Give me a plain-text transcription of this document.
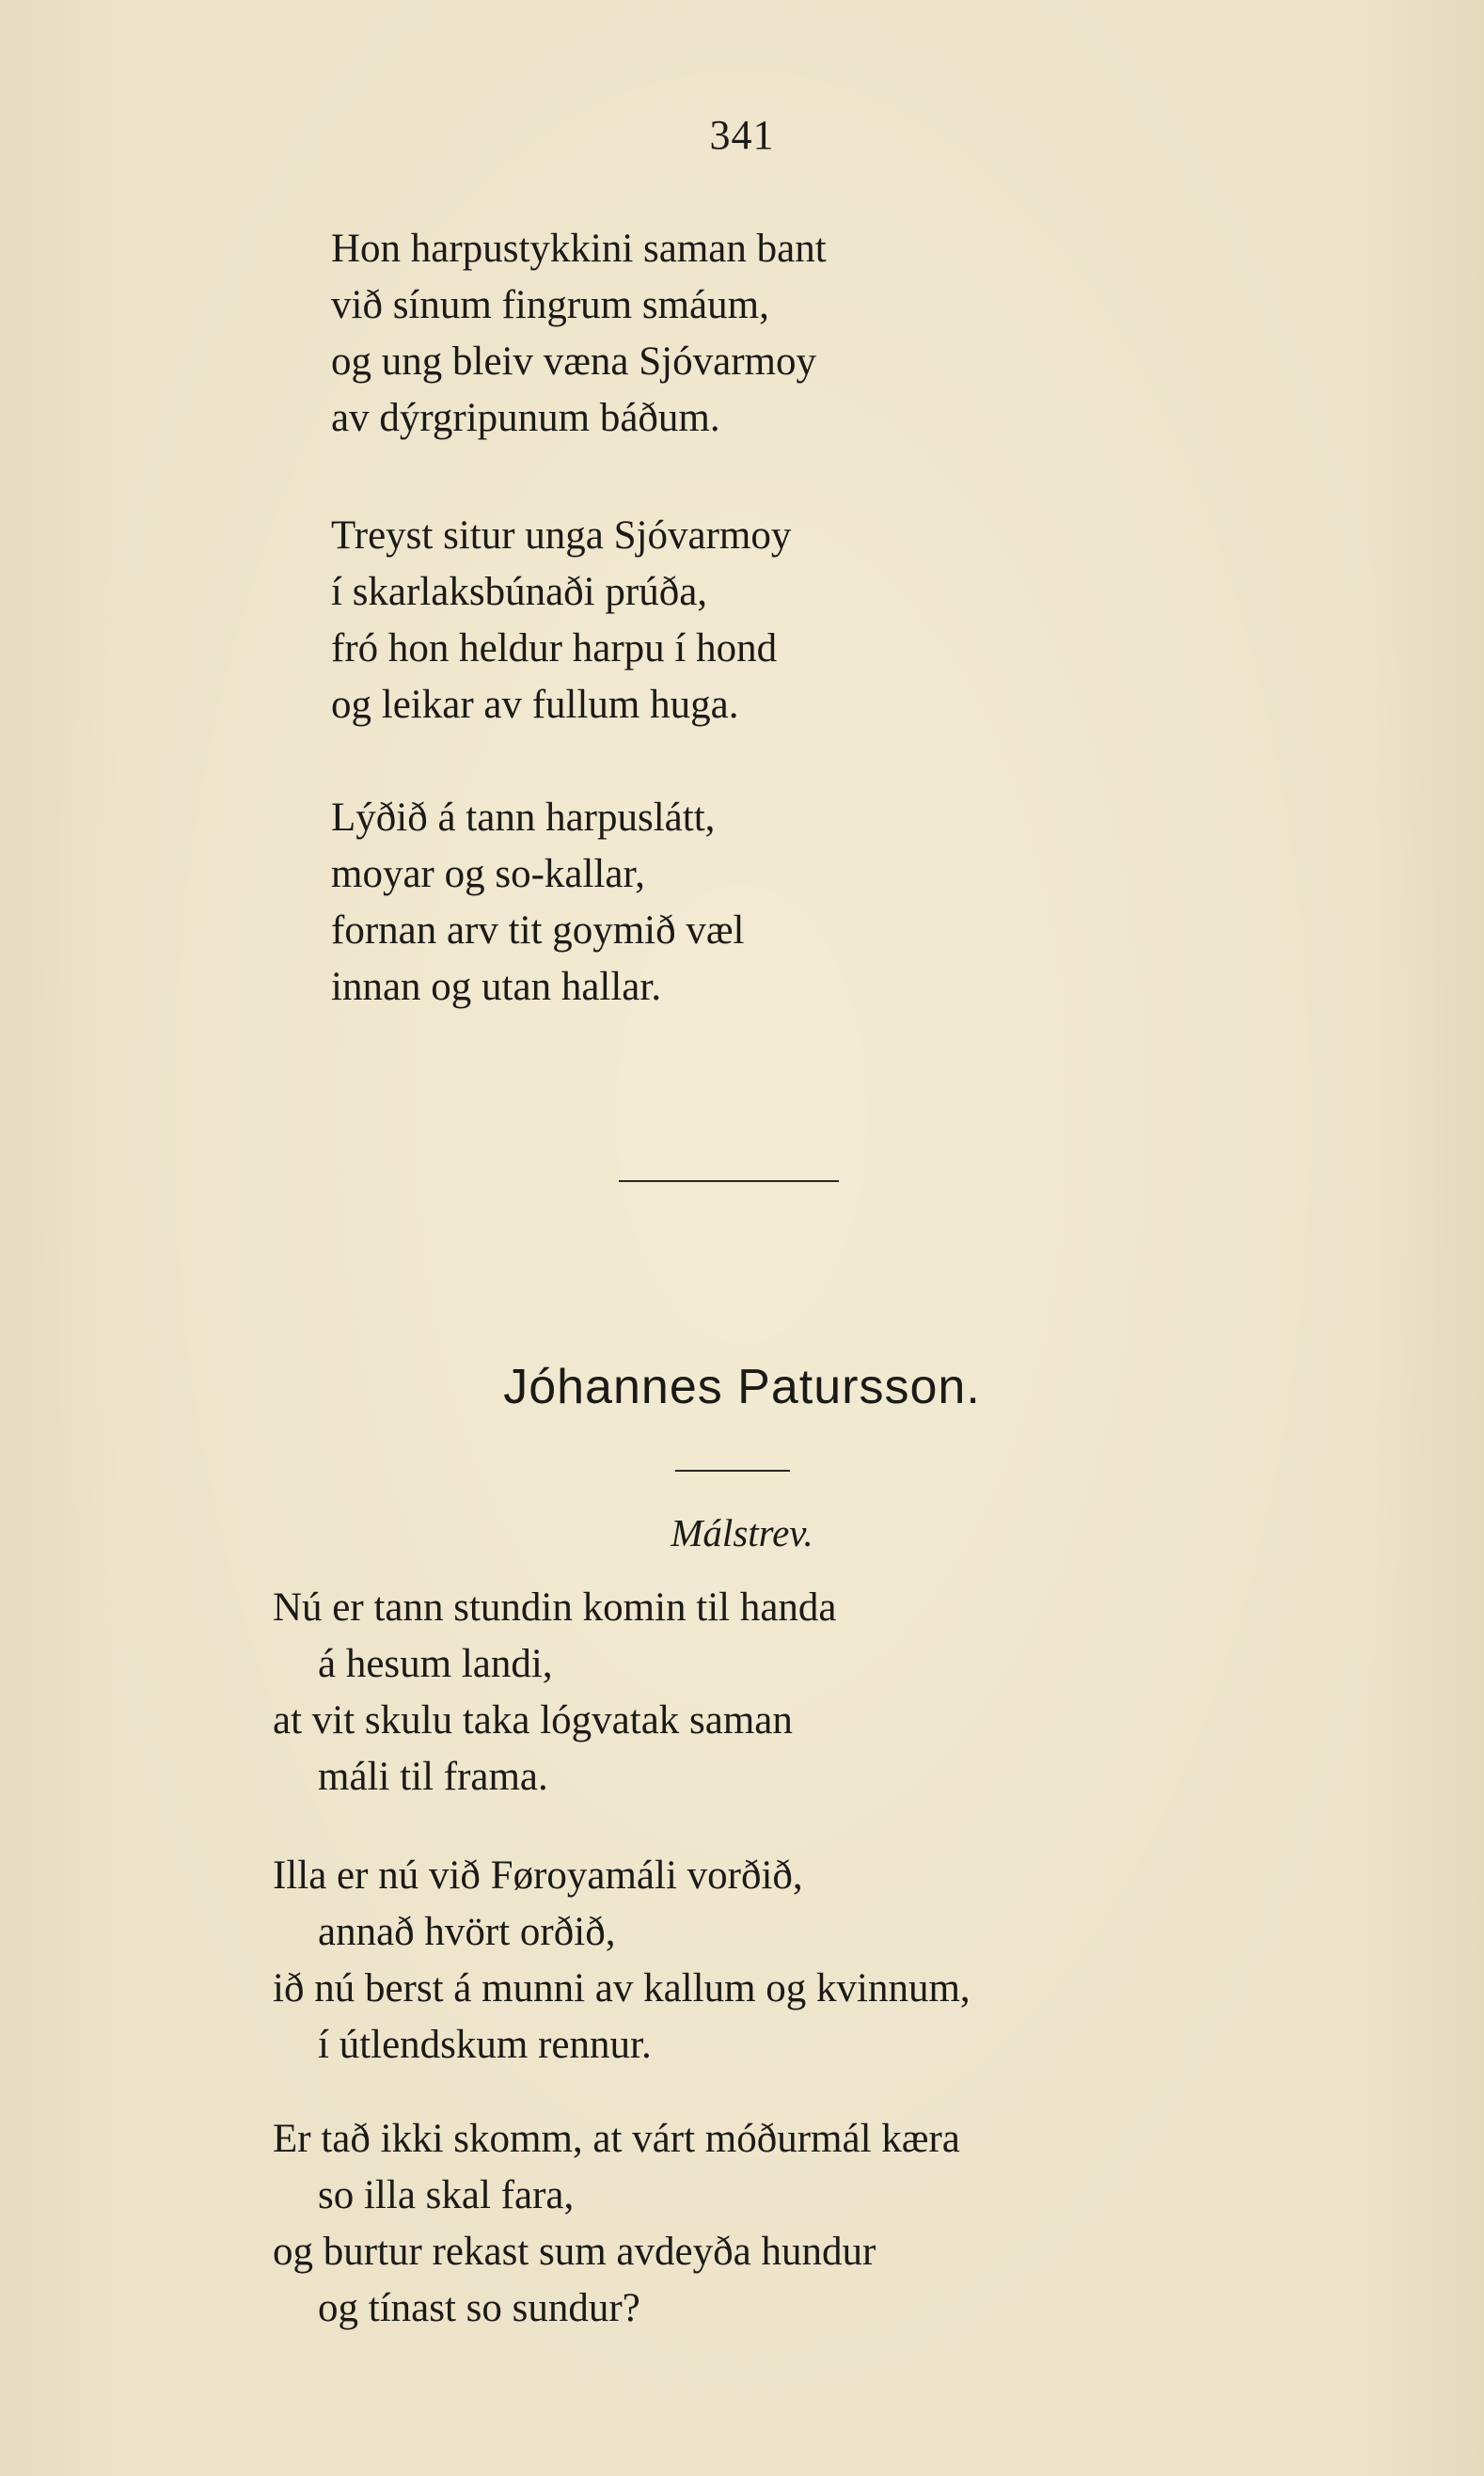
341
Hon harpustykkini saman bant
við sínum fingrum smáum,
og ung bleiv væna Sjóvarmoy
av dýrgripunum báðum.
Treyst situr unga Sjóvarmoy
í skarlaksbúnaði prúða,
fró hon heldur harpu í hond
og leikar av fullum huga.
Lýðið á tann harpuslátt,
moyar og so-kallar,
fornan arv tit goymið væl
innan og utan hallar.
Jóhannes Patursson.
Málstrev.
Nú er tann stundin komin til handa
á hesum landi,
at vit skulu taka lógvatak saman
máli til frama.
Illa er nú við Føroyamáli vorðið,
annað hvört orðið,
ið nú berst á munni av kallum og kvinnum,
í útlendskum rennur.
Er tað ikki skomm, at várt móðurmál kæra
so illa skal fara,
og burtur rekast sum avdeyða hundur
og tínast so sundur?
